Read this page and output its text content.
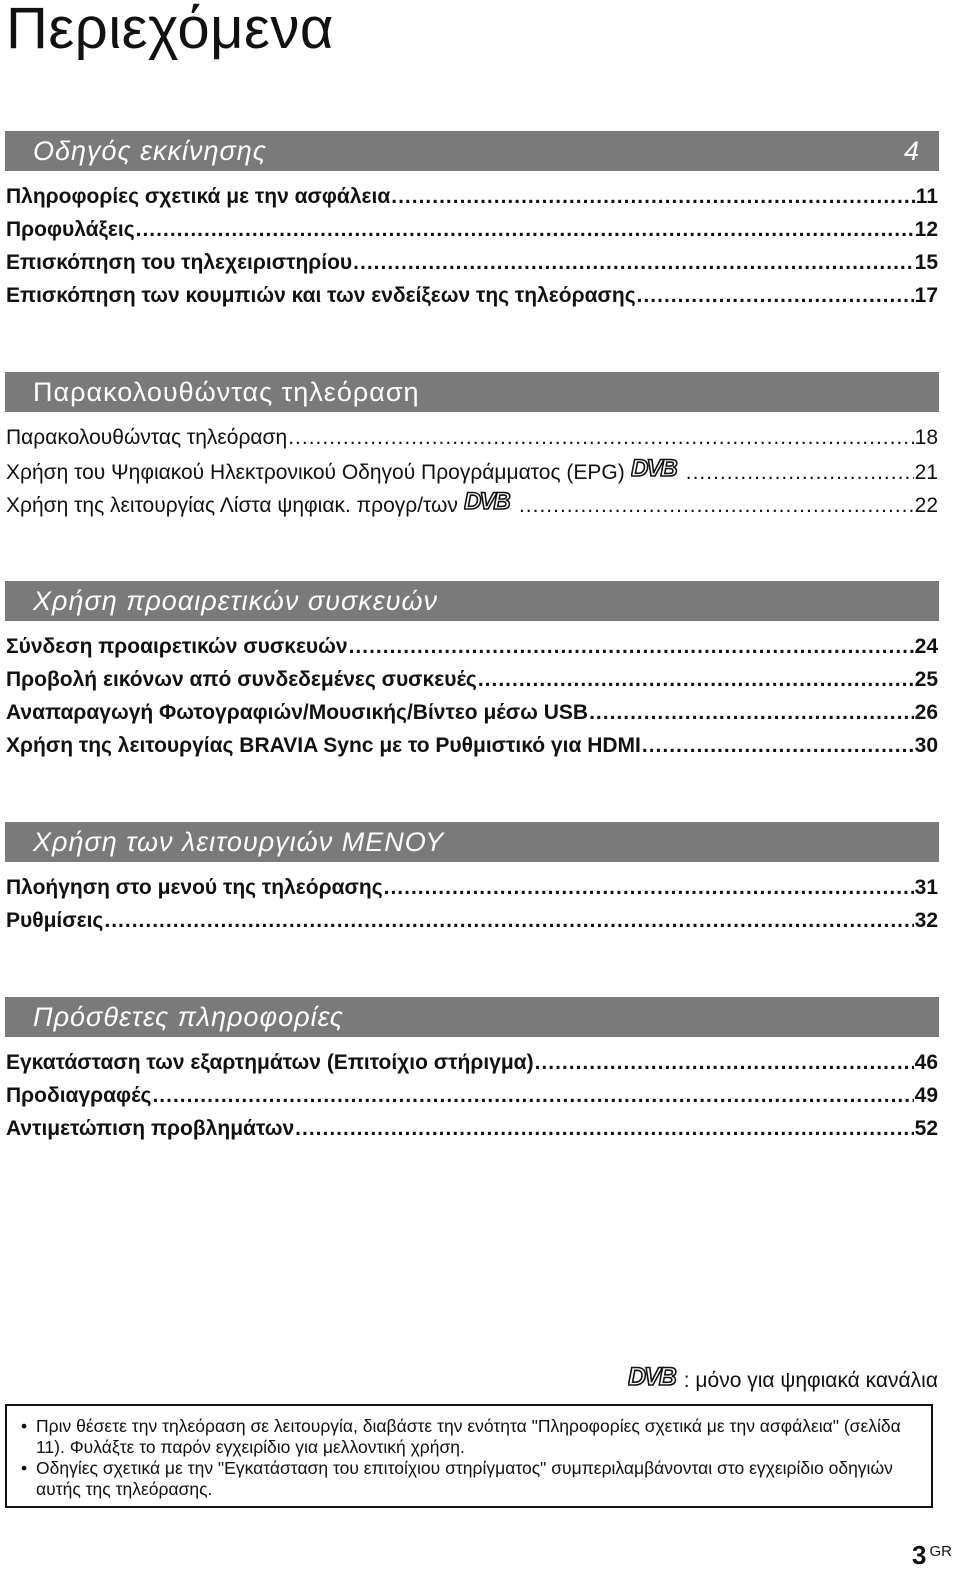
Περιεχόμενα
Οδηγός εκκίνησης	4
Πληροφορίες σχετικά με την ασφάλεια .....	11
Προφυλάξεις .....	12
Επισκόπηση του τηλεχειριστηρίου .....	15
Επισκόπηση των κουμπιών και των ενδείξεων της τηλεόρασης .....	17
Παρακολουθώντας τηλεόραση
Παρακολουθώντας τηλεόραση .....	18
Χρήση του Ψηφιακού Ηλεκτρονικού Οδηγού Προγράμματος (EPG) DVB .....	21
Χρήση της λειτουργίας Λίστα ψηφιακ. προγρ/των DVB .....	22
Χρήση προαιρετικών συσκευών
Σύνδεση προαιρετικών συσκευών .....	24
Προβολή εικόνων από συνδεδεμένες συσκευές .....	25
Αναπαραγωγή Φωτογραφιών/Μουσικής/Βίντεο μέσω USB .....	26
Χρήση της λειτουργίας BRAVIA Sync με το Ρυθμιστικό για HDMI .....	30
Χρήση των λειτουργιών ΜΕΝΟΥ
Πλοήγηση στο μενού της τηλεόρασης .....	31
Ρυθμίσεις .....	32
Πρόσθετες πληροφορίες
Εγκατάσταση των εξαρτημάτων (Επιτοίχιο στήριγμα) .....	46
Προδιαγραφές .....	49
Αντιμετώπιση προβλημάτων .....	52
DVB : μόνο για ψηφιακά κανάλια
• Πριν θέσετε την τηλεόραση σε λειτουργία, διαβάστε την ενότητα "Πληροφορίες σχετικά με την ασφάλεια" (σελίδα 11). Φυλάξτε το παρόν εγχειρίδιο για μελλοντική χρήση.
• Οδηγίες σχετικά με την "Εγκατάσταση του επιτοίχιου στηρίγματος" συμπεριλαμβάνονται στο εγχειρίδιο οδηγιών αυτής της τηλεόρασης.
3 GR
